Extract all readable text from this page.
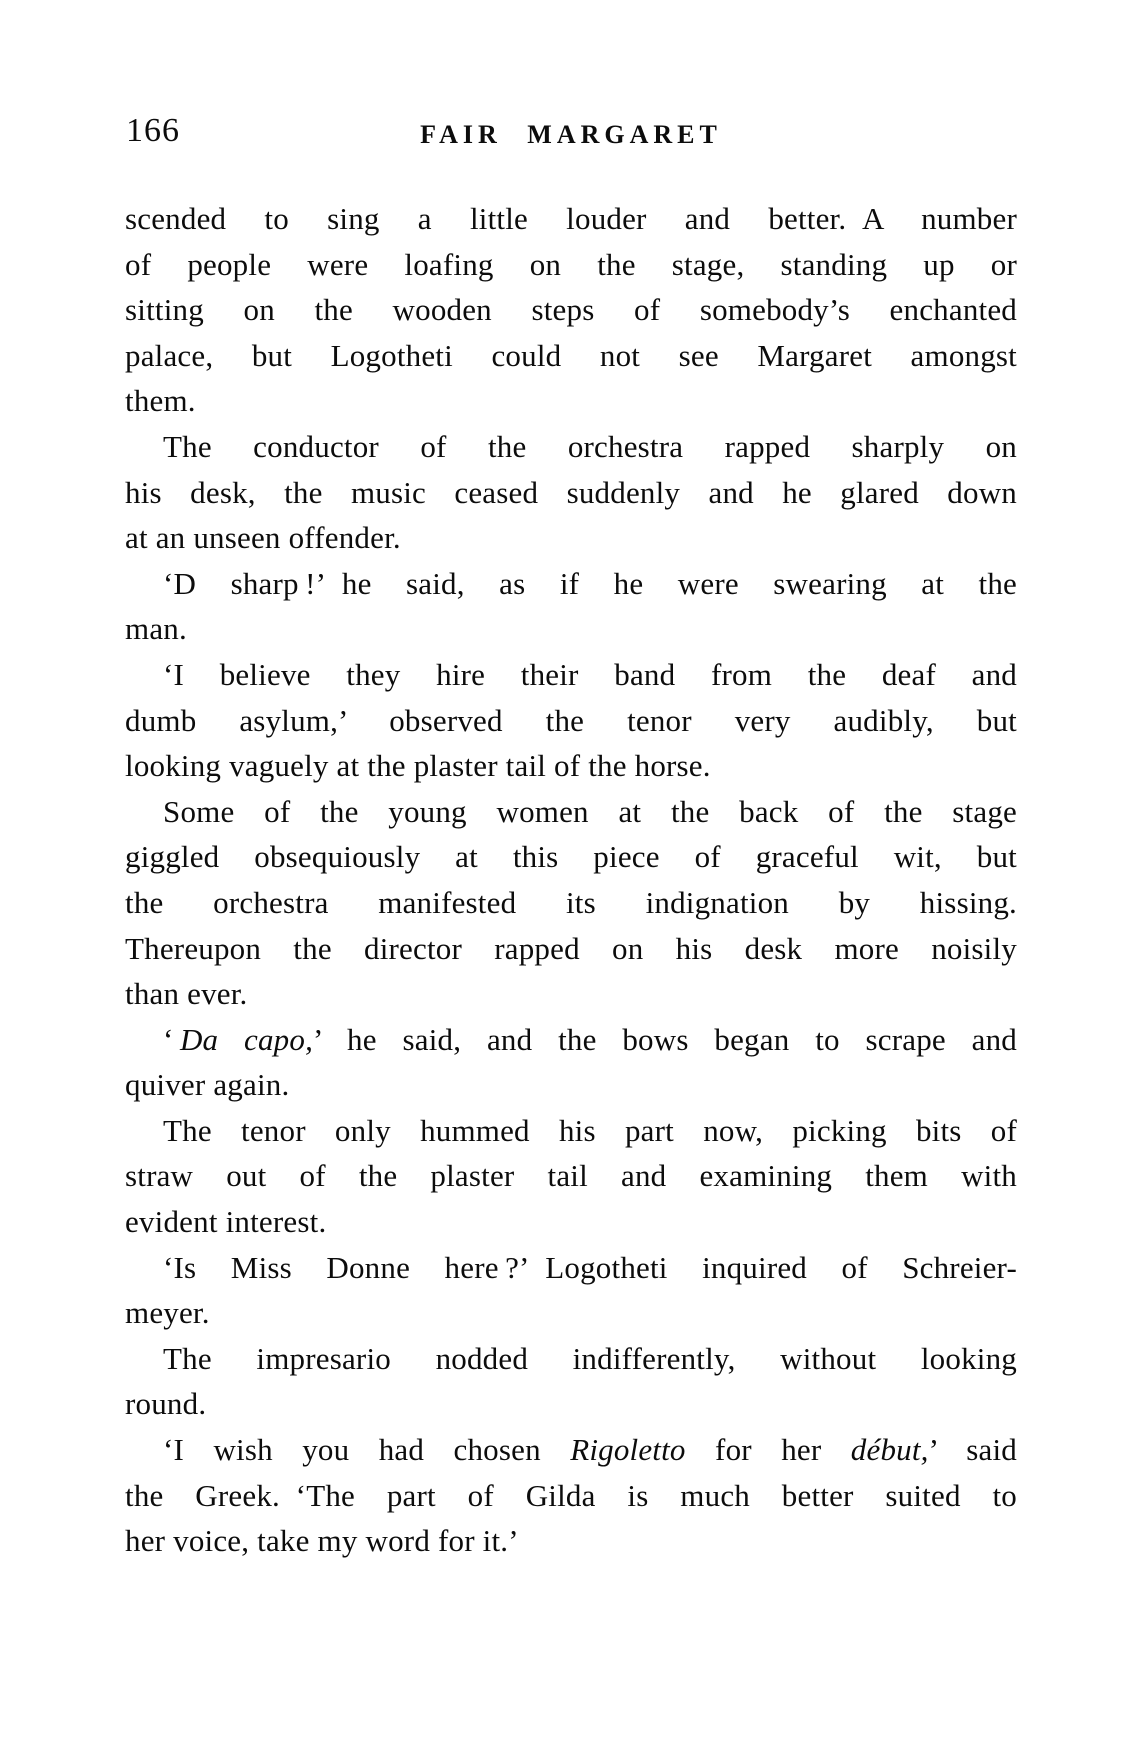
166	FAIR MARGARET
scended to sing a little louder and better. A number
of people were loafing on the stage, standing up or
sitting on the wooden steps of somebody’s enchanted
palace, but Logotheti could not see Margaret amongst
them.
The conductor of the orchestra rapped sharply on
his desk, the music ceased suddenly and he glared down
at an unseen offender.
‘D sharp !’ he said, as if he were swearing at the
man.
‘I believe they hire their band from the deaf and
dumb asylum,’ observed the tenor very audibly, but
looking vaguely at the plaster tail of the horse.
Some of the young women at the back of the stage
giggled obsequiously at this piece of graceful wit, but
the orchestra manifested its indignation by hissing.
Thereupon the director rapped on his desk more noisily
than ever.
‘ Da capo,’ he said, and the bows began to scrape and
quiver again.
The tenor only hummed his part now, picking bits of
straw out of the plaster tail and examining them with
evident interest.
‘Is Miss Donne here ?’ Logotheti inquired of Schreier-
meyer.
The impresario nodded indifferently, without looking
round.
‘I wish you had chosen Rigoletto for her début,’ said
the Greek. ‘The part of Gilda is much better suited to
her voice, take my word for it.’
